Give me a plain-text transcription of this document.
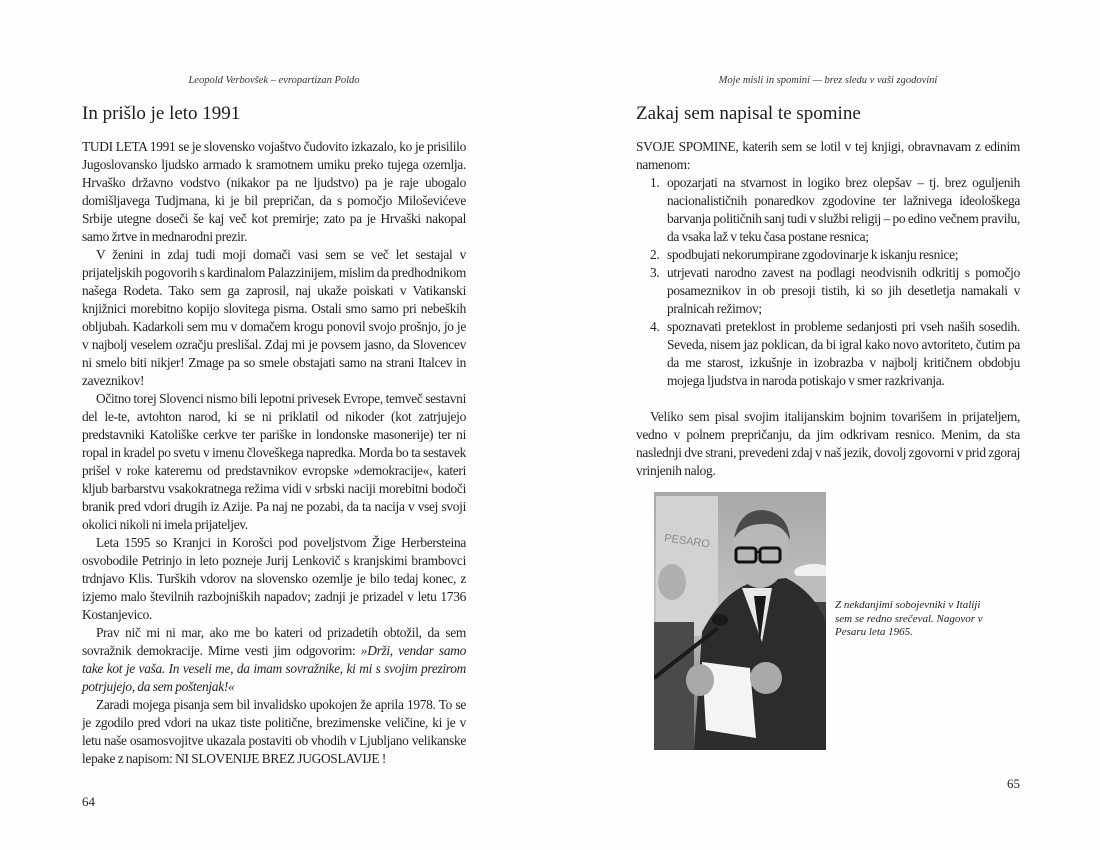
Leopold Verbovšek – evropartizan Poldo
In prišlo je leto 1991

TUDI LETA 1991 se je slovensko vojaštvo čudovito izkazalo, ko je prisililo Jugoslovansko ljudsko armado k sramotnem umiku preko tujega ozemlja. Hrvaško državno vodstvo (nikakor pa ne ljudstvo) pa je raje ubogalo domišljavega Tudjmana, ki je bil prepričan, da s pomočjo Miloševićeve Srbije utegne doseči še kaj več kot premirje; zato pa je Hrvaški nakopal samo žrtve in mednarodni prezir.

V ženini in zdaj tudi moji domači vasi sem se več let sestajal v prijateljskih pogovorih s kardinalom Palazzinijem, mislim da predhodnikom našega Rodeta. Tako sem ga zaprosil, naj ukaže poiskati v Vatikanski knjižnici morebitno kopijo slovitega pisma. Ostali smo samo pri nebeških obljubah. Kadarkoli sem mu v domačem krogu ponovil svojo prošnjo, jo je v najbolj veselem ozračju preslišal. Zdaj mi je povsem jasno, da Slovencev ni smelo biti nikjer! Zmage pa so smele obstajati samo na strani Italcev in zaveznikov!

Očitno torej Slovenci nismo bili lepotni privesek Evrope, temveč sestavni del le-te, avtohton narod, ki se ni priklatil od nikoder (kot zatrjujejo predstavniki Katoliške cerkve ter pariške in londonske masonerije) ter ni ropal in kradel po svetu v imenu človeškega napredka. Morda bo ta sestavek prišel v roke kateremu od predstavnikov evropske »demokracije«, kateri kljub barbarstvu vsakokratnega režima vidi v srbski naciji morebitni bodoči branik pred vdori drugih iz Azije. Pa naj ne pozabi, da ta nacija v vsej svoji okolici nikoli ni imela prijateljev.

Leta 1595 so Kranjci in Korošci pod poveljstvom Žige Herbersteina osvobodile Petrinjo in leto pozneje Jurij Lenkovič s kranjskimi brambovci trdnjavo Klis. Turških vdorov na slovensko ozemlje je bilo tedaj konec, z izjemo malo številnih razbojniških napadov; zadnji je prizadel v letu 1736 Kostanjevico.

Prav nič mi ni mar, ako me bo kateri od prizadetih obtožil, da sem sovražnik demokracije. Mirne vesti jim odgovorim: »Drži, vendar samo take kot je vaša. In veseli me, da imam sovražnike, ki mi s svojim prezirom potrjujejo, da sem poštenjak!«

Zaradi mojega pisanja sem bil invalidsko upokojen že aprila 1978. To se je zgodilo pred vdori na ukaz tiste politične, brezimenske veličine, ki je v letu naše osamosvojitve ukazala postaviti ob vhodih v Ljubljano velikanske lepake z napisom: NI SLOVENIJE BREZ JUGOSLAVIJE !

64
Moje misli in spomini — brez sledu v vaši zgodovini
Zakaj sem napisal te spomine

SVOJE SPOMINE, katerih sem se lotil v tej knjigi, obravnavam z edinim namenom:

1. opozarjati na stvarnost in logiko brez olepšav – tj. brez oguljenih nacionalističnih ponaredkov zgodovine ter lažnivega ideološkega barvanja političnih sanj tudi v službi religij – po edino večnem pravilu, da vsaka laž v teku časa postane resnica;
2. spodbujati nekorumpirane zgodovinarje k iskanju resnice;
3. utrjevati narodno zavest na podlagi neodvisnih odkritij s pomočjo posameznikov in ob presoji tistih, ki so jih desetletja namakali v pralnicah režimov;
4. spoznavati preteklost in probleme sedanjosti pri vseh naših sosedih. Seveda, nisem jaz poklican, da bi igral kako novo avtoriteto, čutim pa da me starost, izkušnje in izobrazba v najbolj kritičnem obdobju mojega ljudstva in naroda potiskajo v smer razkrivanja.

Veliko sem pisal svojim italijanskim bojnim tovarišem in prijateljem, vedno v polnem prepričanju, da jim odkrivam resnico. Menim, da sta naslednji dve strani, prevedeni zdaj v naš jezik, dovolj zgovorni v prid zgoraj vrinjenih nalog.

PESARO
Z nekdanjimi sobojevniki v Italiji sem se redno srečeval. Nagovor v Pesaru leta 1965.
65
